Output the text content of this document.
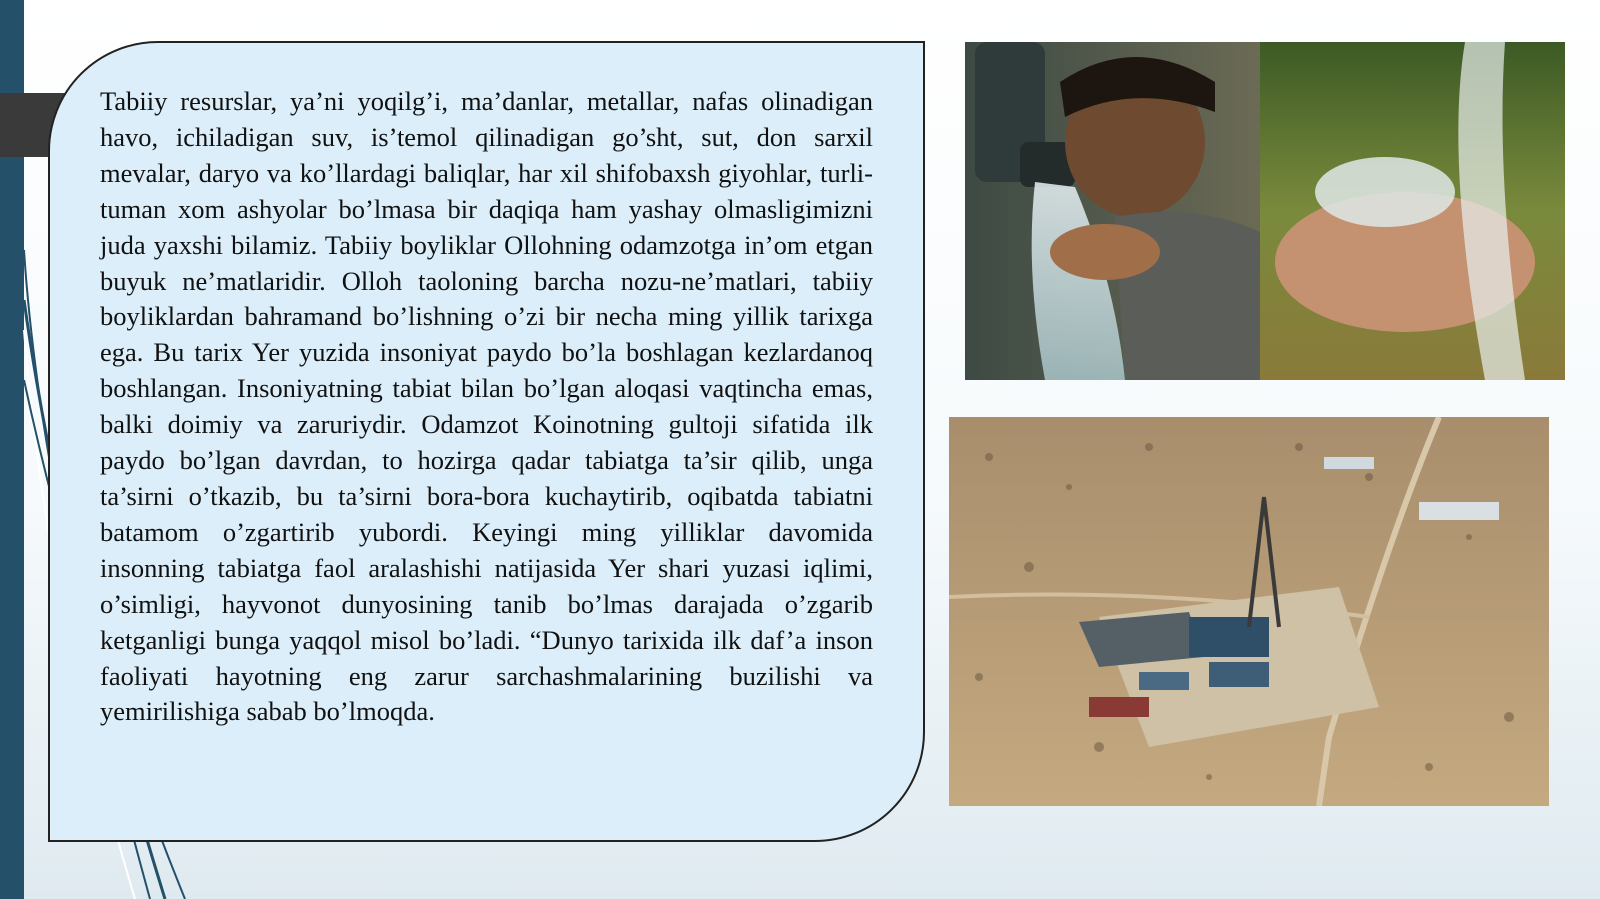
Tabiiy resurslar, ya’ni yoqilg’i, ma’danlar, metallar, nafas olinadigan havo, ichiladigan suv, is’temol qilinadigan go’sht, sut, don sarxil mevalar, daryo va ko’llardagi baliqlar, har xil shifobaxsh giyohlar, turli-tuman xom ashyolar bo’lmasa bir daqiqa ham yashay olmasligimizni juda yaxshi bilamiz. Tabiiy boyliklar Ollohning odamzotga in’om etgan buyuk ne’matlaridir. Olloh taoloning barcha nozu-ne’matlari, tabiiy boyliklardan bahramand bo’lishning o’zi bir necha ming yillik tarixga ega. Bu tarix Yer yuzida insoniyat paydo bo’la boshlagan kezlardanoq boshlangan. Insoniyatning tabiat bilan bo’lgan aloqasi vaqtincha emas, balki doimiy va zaruriydir. Odamzot Koinotning gultoji sifatida ilk paydo bo’lgan davrdan, to hozirga qadar tabiatga ta’sir qilib, unga ta’sirni o’tkazib, bu ta’sirni bora-bora kuchaytirib, oqibatda tabiatni batamom o’zgartirib yubordi. Keyingi ming yilliklar davomida insonning tabiatga faol aralashishi natijasida Yer shari yuzasi iqlimi, o’simligi, hayvonot dunyosining tanib bo’lmas darajada o’zgarib ketganligi bunga yaqqol misol bo’ladi. “Dunyo tarixida ilk daf’a inson faoliyati hayotning eng zarur sarchashmalarining buzilishi va yemirilishiga sabab bo’lmoqda.
